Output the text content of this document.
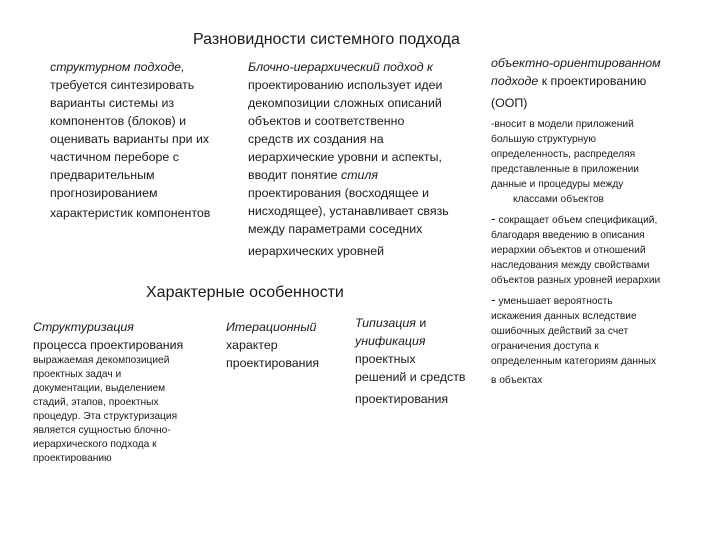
Разновидности системного подхода
структурном подходе,
требуется синтезировать
варианты системы из
компонентов (блоков) и
оценивать варианты при их
частичном переборе с
предварительным
прогнозированием
характеристик компонентов
Блочно-иерархический подход к
проектированию использует идеи
декомпозиции сложных описаний
объектов и соответственно
средств их создания на
иерархические уровни и аспекты,
вводит понятие стиля
проектирования (восходящее и
нисходящее), устанавливает связь
между параметрами соседних
иерархических уровней
объектно-ориентированном
подходе к проектированию
(ООП)
-вносит в модели приложений
большую структурную
определенность, распределяя
представленные в приложении
данные и процедуры между
классами объектов
- сокращает объем спецификаций,
благодаря введению в описания
иерархии объектов и отношений
наследования между свойствами
объектов разных уровней иерархии
- уменьшает вероятность
искажения данных вследствие
ошибочных действий за счет
ограничения доступа к
определенным категориям данных
в объектах
Характерные особенности
Структуризация
процесса проектирования
выражаемая декомпозицией
проектных задач и
документации, выделением
стадий, этапов, проектных
процедур. Эта структуризация
является сущностью блочно-
иерархического подхода к
проектированию
Итерационный
характер
проектирования
Типизация и
унификация
проектных
решений и средств
проектирования
